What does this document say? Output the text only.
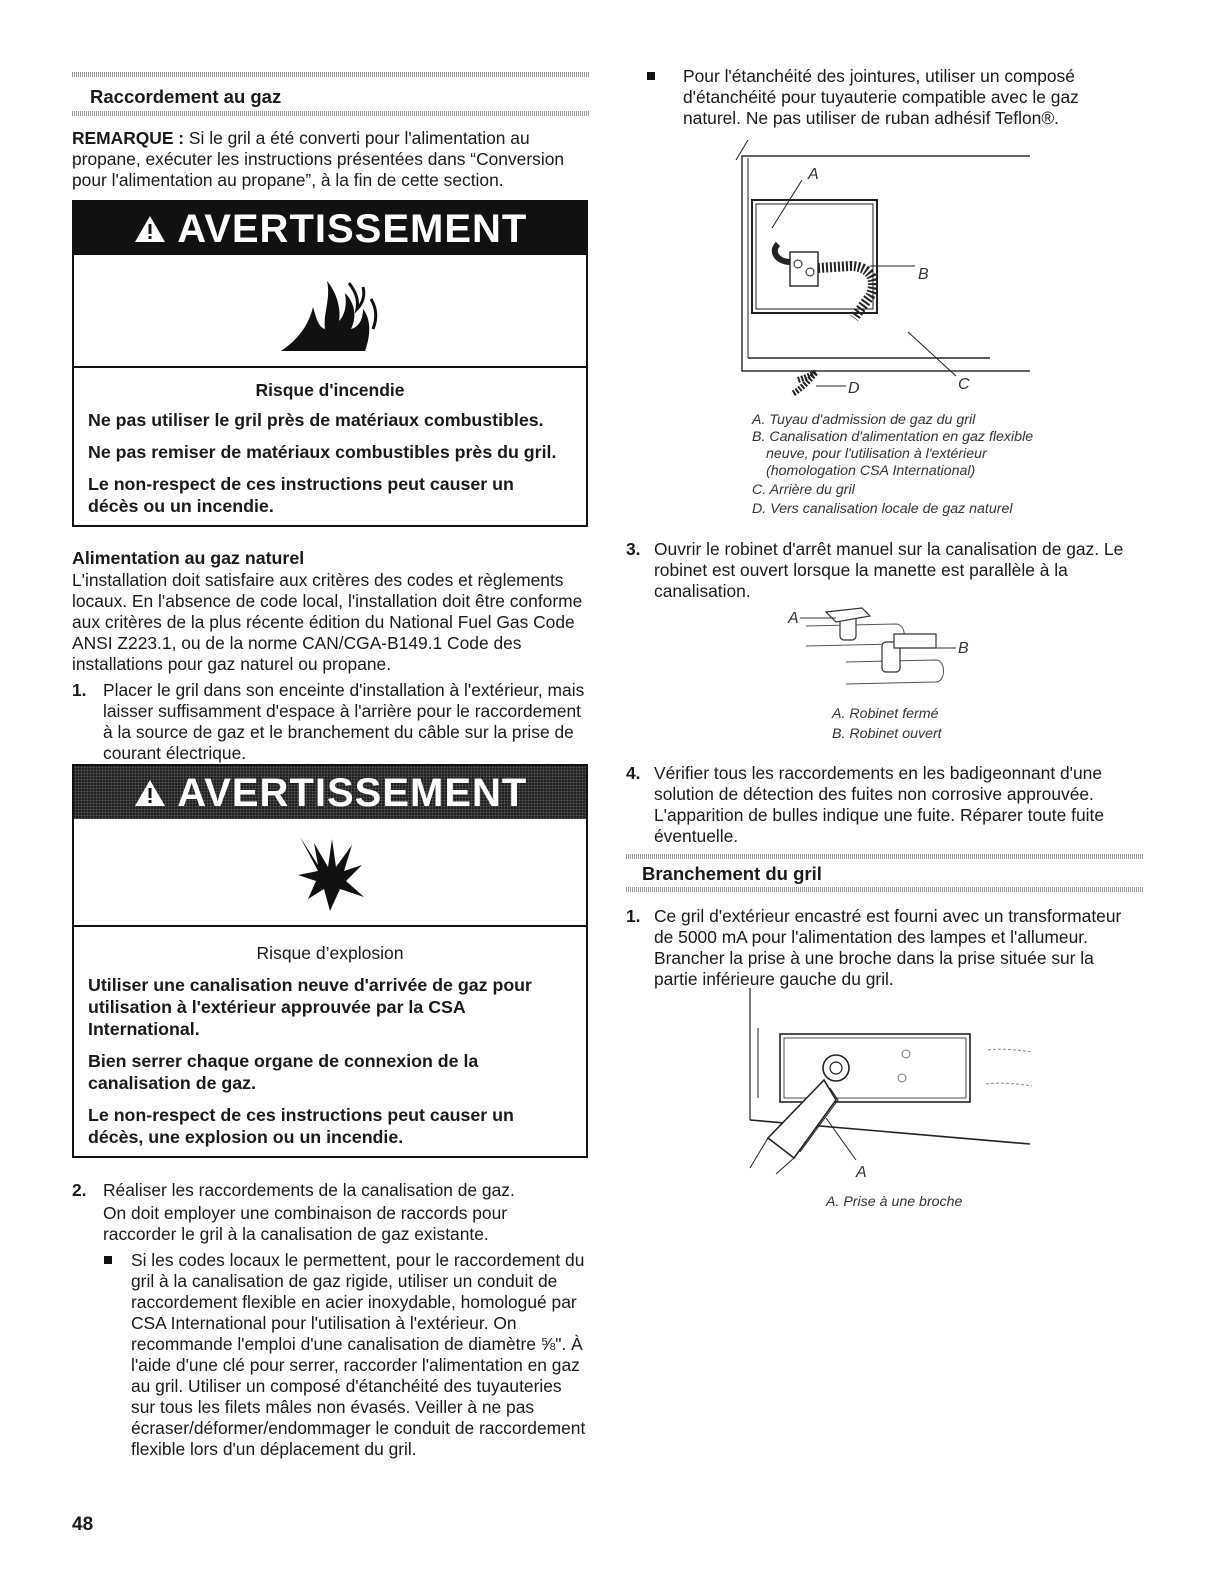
Raccordement au gaz

REMARQUE : Si le gril a été converti pour l'alimentation au propane, exécuter les instructions présentées dans “Conversion pour l'alimentation au propane”, à la fin de cette section.

AVERTISSEMENT

Risque d'incendie

Ne pas utiliser le gril près de matériaux combustibles.

Ne pas remiser de matériaux combustibles près du gril.

Le non-respect de ces instructions peut causer un décès ou un incendie.

Alimentation au gaz naturel

L'installation doit satisfaire aux critères des codes et règlements locaux. En l'absence de code local, l'installation doit être conforme aux critères de la plus récente édition du National Fuel Gas Code ANSI Z223.1, ou de la norme CAN/CGA-B149.1 Code des installations pour gaz naturel ou propane.

1. Placer le gril dans son enceinte d'installation à l'extérieur, mais laisser suffisamment d'espace à l'arrière pour le raccordement à la source de gaz et le branchement du câble sur la prise de courant électrique.

AVERTISSEMENT

Risque d’explosion

Utiliser une canalisation neuve d'arrivée de gaz pour utilisation à l'extérieur approuvée par la CSA International.

Bien serrer chaque organe de connexion de la canalisation de gaz.

Le non-respect de ces instructions peut causer un décès, une explosion ou un incendie.

2. Réaliser les raccordements de la canalisation de gaz.

On doit employer une combinaison de raccords pour raccorder le gril à la canalisation de gaz existante.

Si les codes locaux le permettent, pour le raccordement du gril à la canalisation de gaz rigide, utiliser un conduit de raccordement flexible en acier inoxydable, homologué par CSA International pour l'utilisation à l'extérieur. On recommande l'emploi d'une canalisation de diamètre ⅝". À l'aide d'une clé pour serrer, raccorder l'alimentation en gaz au gril. Utiliser un composé d'étanchéité des tuyauteries sur tous les filets mâles non évasés. Veiller à ne pas écraser/déformer/endommager le conduit de raccordement flexible lors d'un déplacement du gril.

48

Pour l'étanchéité des jointures, utiliser un composé d'étanchéité pour tuyauterie compatible avec le gaz naturel. Ne pas utiliser de ruban adhésif Teflon®.

A
B
C
D

A. Tuyau d'admission de gaz du gril

B. Canalisation d'alimentation en gaz flexible

neuve, pour l'utilisation à l'extérieur

(homologation CSA International)

C. Arrière du gril

D. Vers canalisation locale de gaz naturel

3. Ouvrir le robinet d'arrêt manuel sur la canalisation de gaz. Le robinet est ouvert lorsque la manette est parallèle à la canalisation.

A
B

A. Robinet fermé

B. Robinet ouvert

4. Vérifier tous les raccordements en les badigeonnant d'une solution de détection des fuites non corrosive approuvée. L'apparition de bulles indique une fuite. Réparer toute fuite éventuelle.

Branchement du gril
1. Ce gril d'extérieur encastré est fourni avec un transformateur de 5000 mA pour l'alimentation des lampes et l'allumeur. Brancher la prise à une broche dans la prise située sur la partie inférieure gauche du gril.

A

A. Prise à une broche
